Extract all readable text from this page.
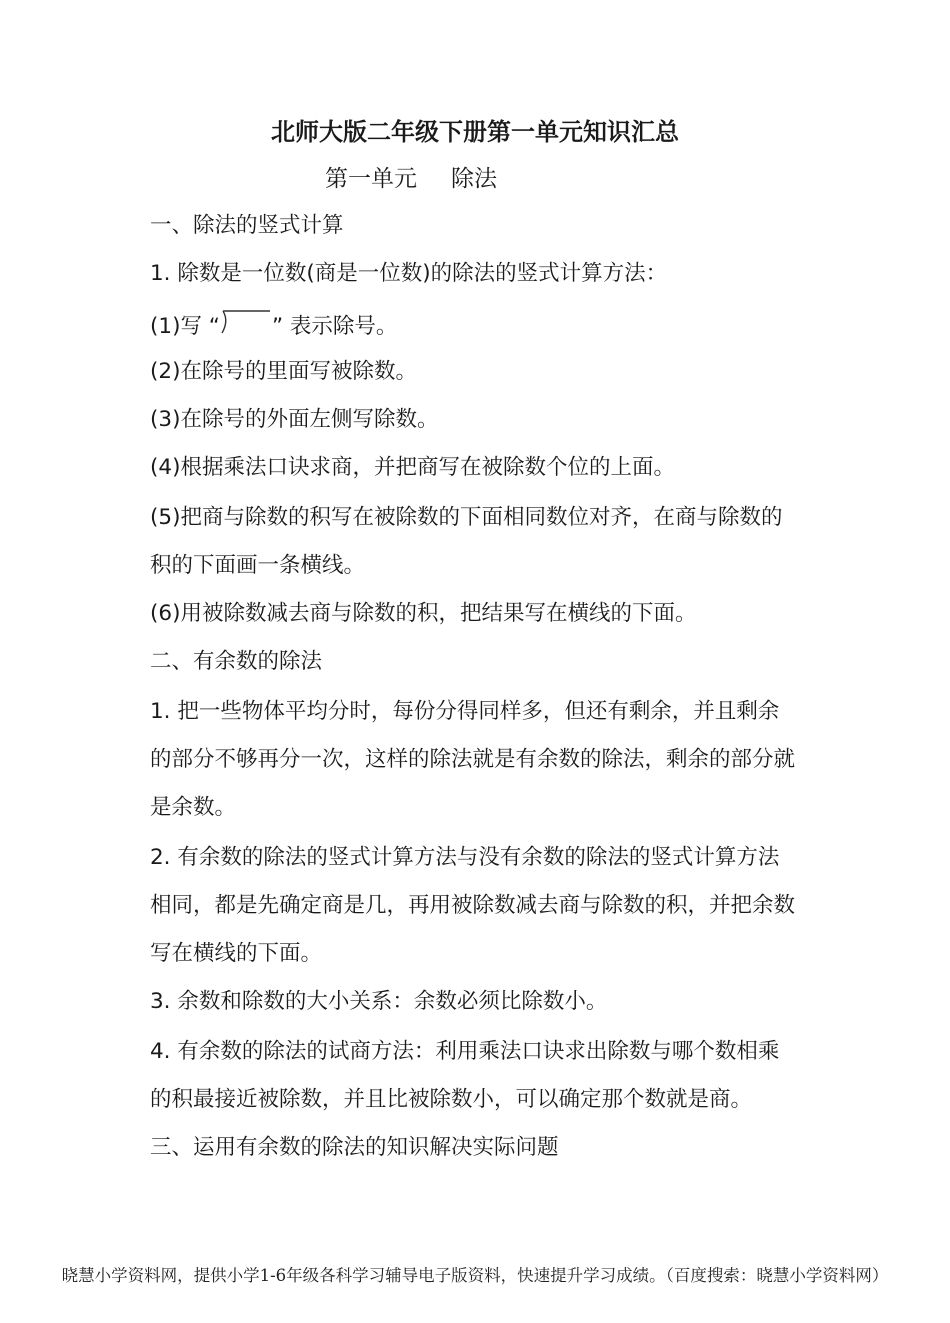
北师大版二年级下册第一单元知识汇总
第一单元 除法
一、除法的竖式计算
1. 除数是一位数(商是一位数)的除法的竖式计算方法：
(1)写 “ ” 表示除号。
(2)在除号的里面写被除数。
(3)在除号的外面左侧写除数。
(4)根据乘法口诀求商，并把商写在被除数个位的上面。
(5)把商与除数的积写在被除数的下面相同数位对齐，在商与除数的
积的下面画一条横线。
(6)用被除数减去商与除数的积，把结果写在横线的下面。
二、有余数的除法
1. 把一些物体平均分时，每份分得同样多，但还有剩余，并且剩余
的部分不够再分一次，这样的除法就是有余数的除法，剩余的部分就
是余数。
2. 有余数的除法的竖式计算方法与没有余数的除法的竖式计算方法
相同，都是先确定商是几，再用被除数减去商与除数的积，并把余数
写在横线的下面。
3. 余数和除数的大小关系：余数必须比除数小。
4. 有余数的除法的试商方法：利用乘法口诀求出除数与哪个数相乘
的积最接近被除数，并且比被除数小，可以确定那个数就是商。
三、运用有余数的除法的知识解决实际问题
晓慧小学资料网，提供小学1-6年级各科学习辅导电子版资料，快速提升学习成绩。（百度搜索：晓慧小学资料网）
